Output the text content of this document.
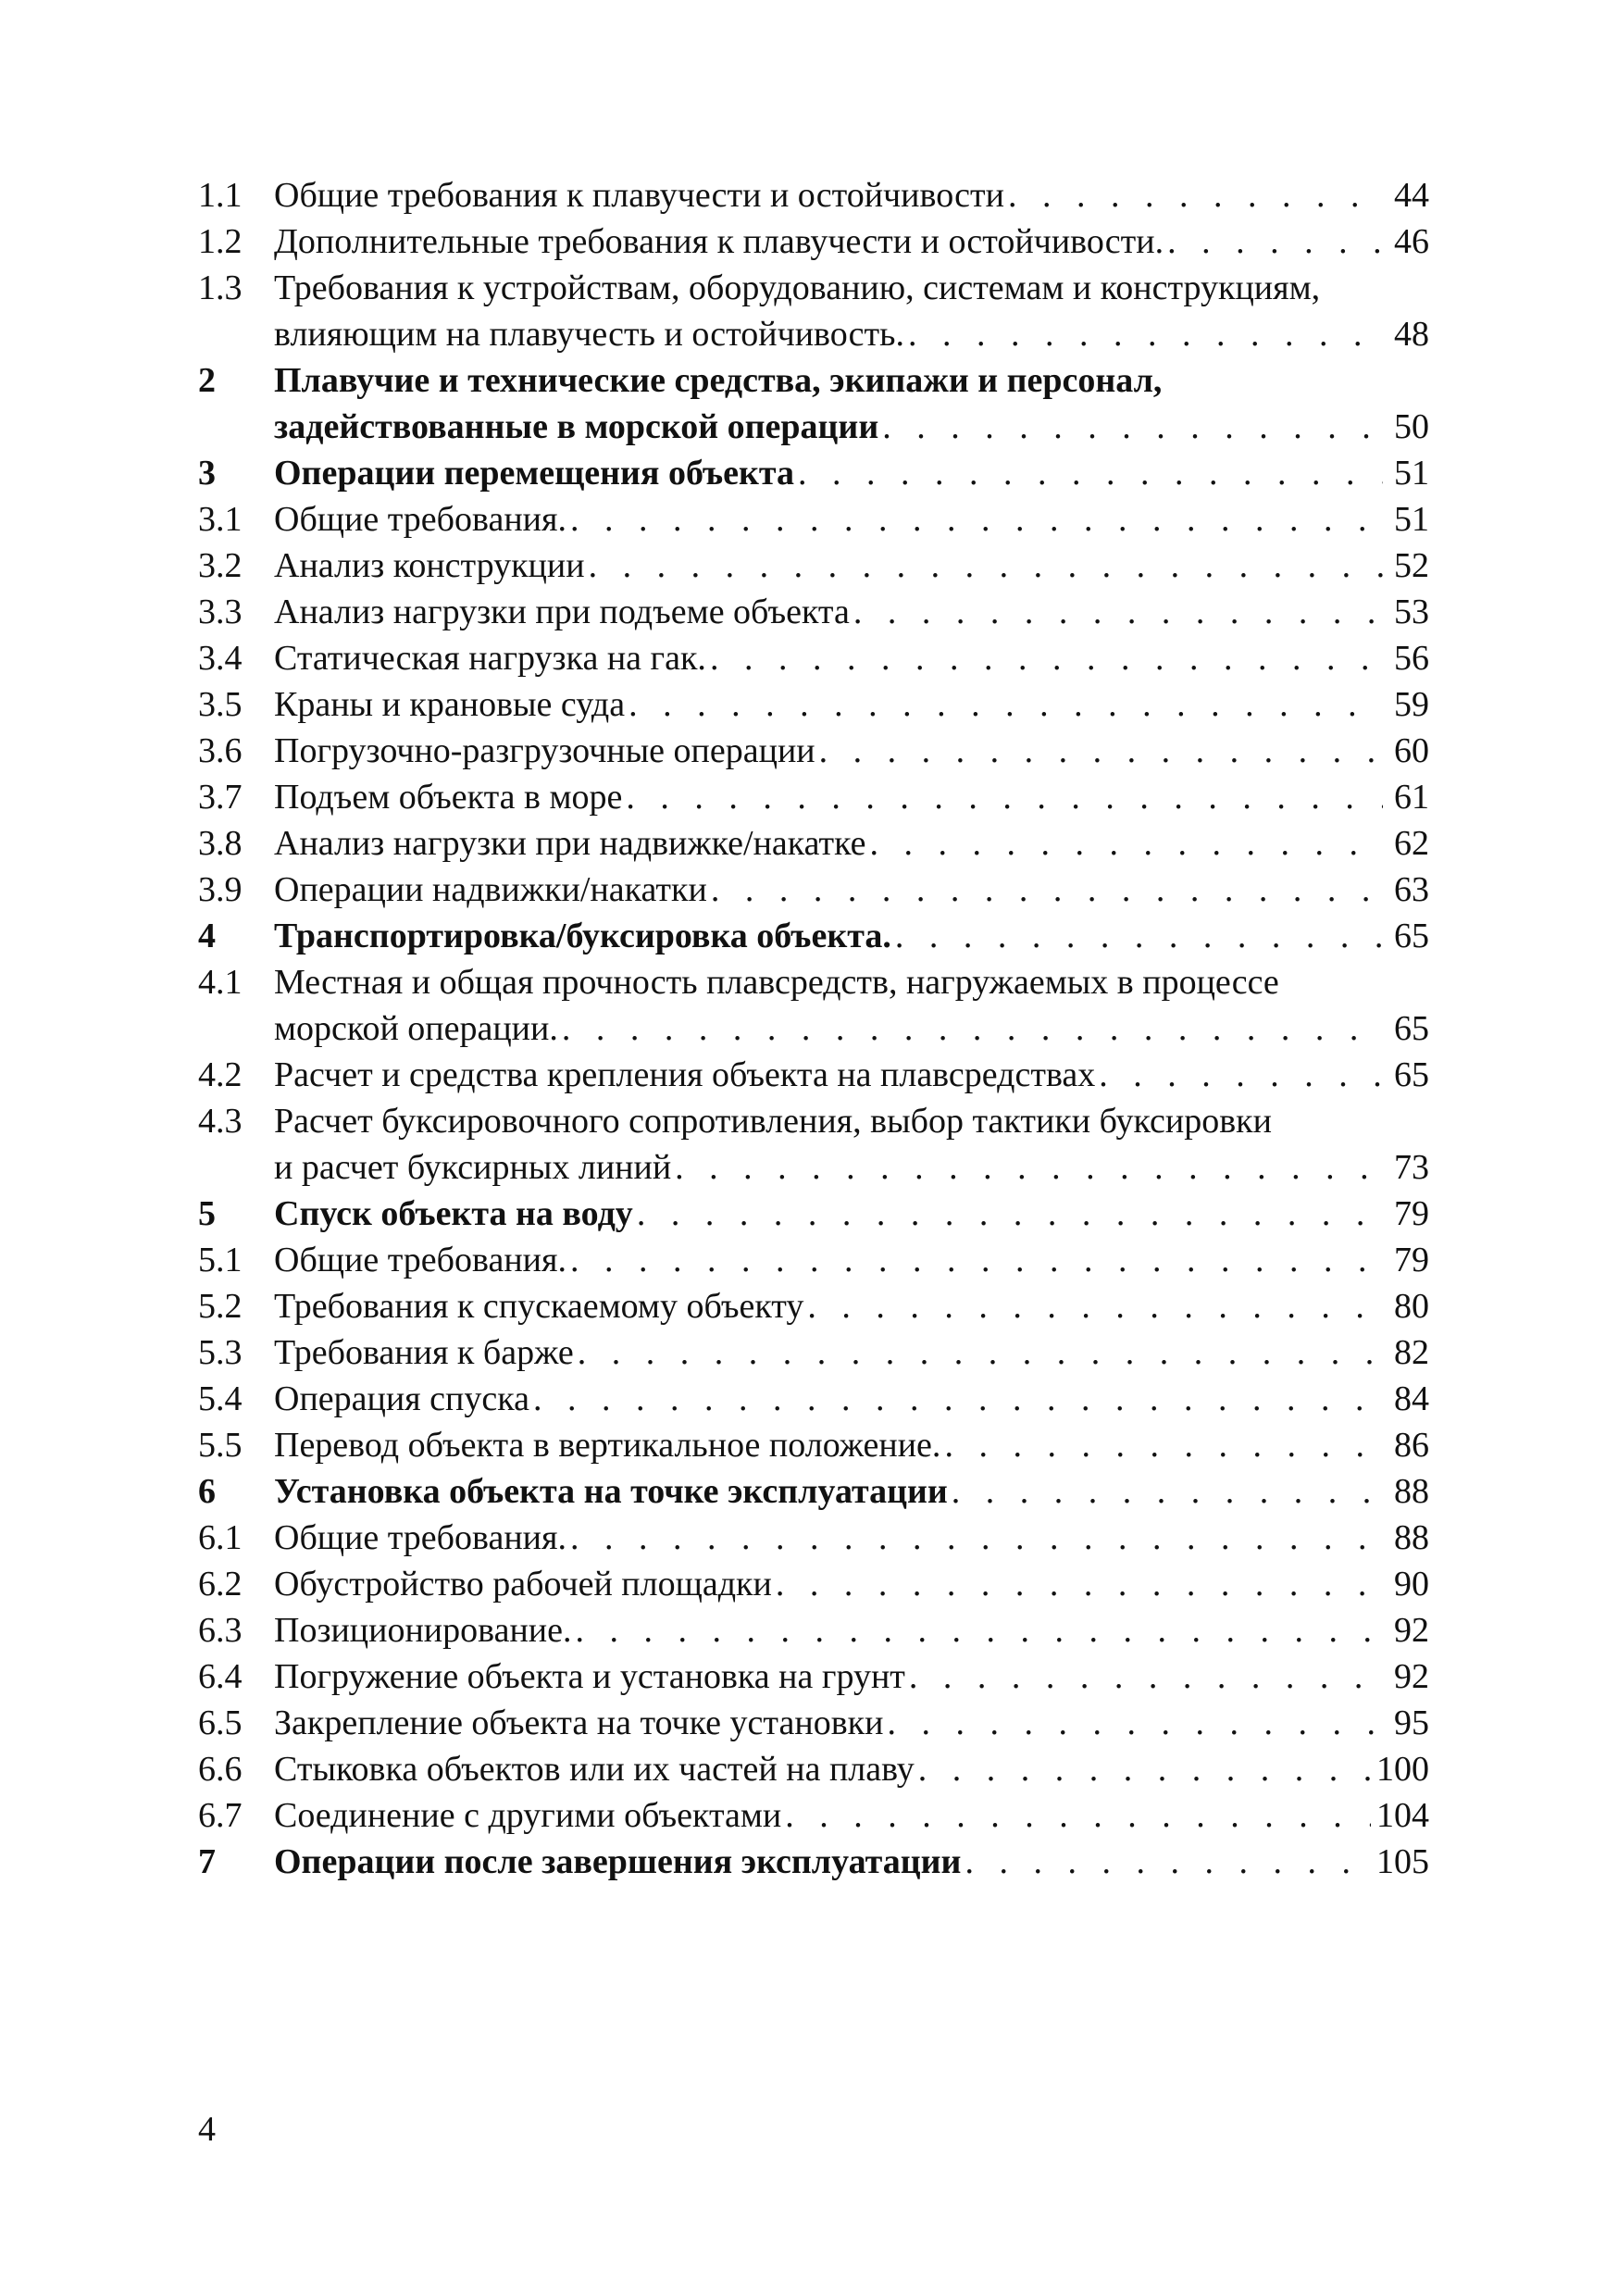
1.1 Общие требования к плавучести и остойчивости . . .	44
1.2 Дополнительные требования к плавучести и остойчивости. . . .	46
1.3 Требования к устройствам, оборудованию, системам и конструкциям,
влияющим на плавучесть и остойчивость. . . .	48
2	Плавучие и технические средства, экипажи и персонал,
задействованные в морской операции . . .	50
3	Операции перемещения объекта . . .	51
3.1 Общие требования. . . .	51
3.2 Анализ конструкции . . .	52
3.3 Анализ нагрузки при подъеме объекта . . .	53
3.4 Статическая нагрузка на гак. . . .	56
3.5 Краны и крановые суда . . .	59
3.6 Погрузочно-разгрузочные операции . . .	60
3.7 Подъем объекта в море . . .	61
3.8 Анализ нагрузки при надвижке/накатке . . .	62
3.9 Операции надвижки/накатки . . .	63
4	Транспортировка/буксировка объекта. . . .	65
4.1 Местная и общая прочность плавсредств, нагружаемых в процессе
морской операции. . . .	65
4.2 Расчет и средства крепления объекта на плавсредствах . . .	65
4.3 Расчет буксировочного сопротивления, выбор тактики буксировки
и расчет буксирных линий . . .	73
5	Спуск объекта на воду . . .	79
5.1 Общие требования. . . .	79
5.2 Требования к спускаемому объекту . . .	80
5.3 Требования к барже . . .	82
5.4 Операция спуска . . .	84
5.5 Перевод объекта в вертикальное положение. . . .	86
6	Установка объекта на точке эксплуатации . . .	88
6.1 Общие требования. . . .	88
6.2 Обустройство рабочей площадки . . .	90
6.3 Позиционирование. . . .	92
6.4 Погружение объекта и установка на грунт . . .	92
6.5 Закрепление объекта на точке установки . . .	95
6.6 Стыковка объектов или их частей на плаву . . .	100
6.7 Соединение с другими объектами . . .	104
7	Операции после завершения эксплуатации . . .	105
4
